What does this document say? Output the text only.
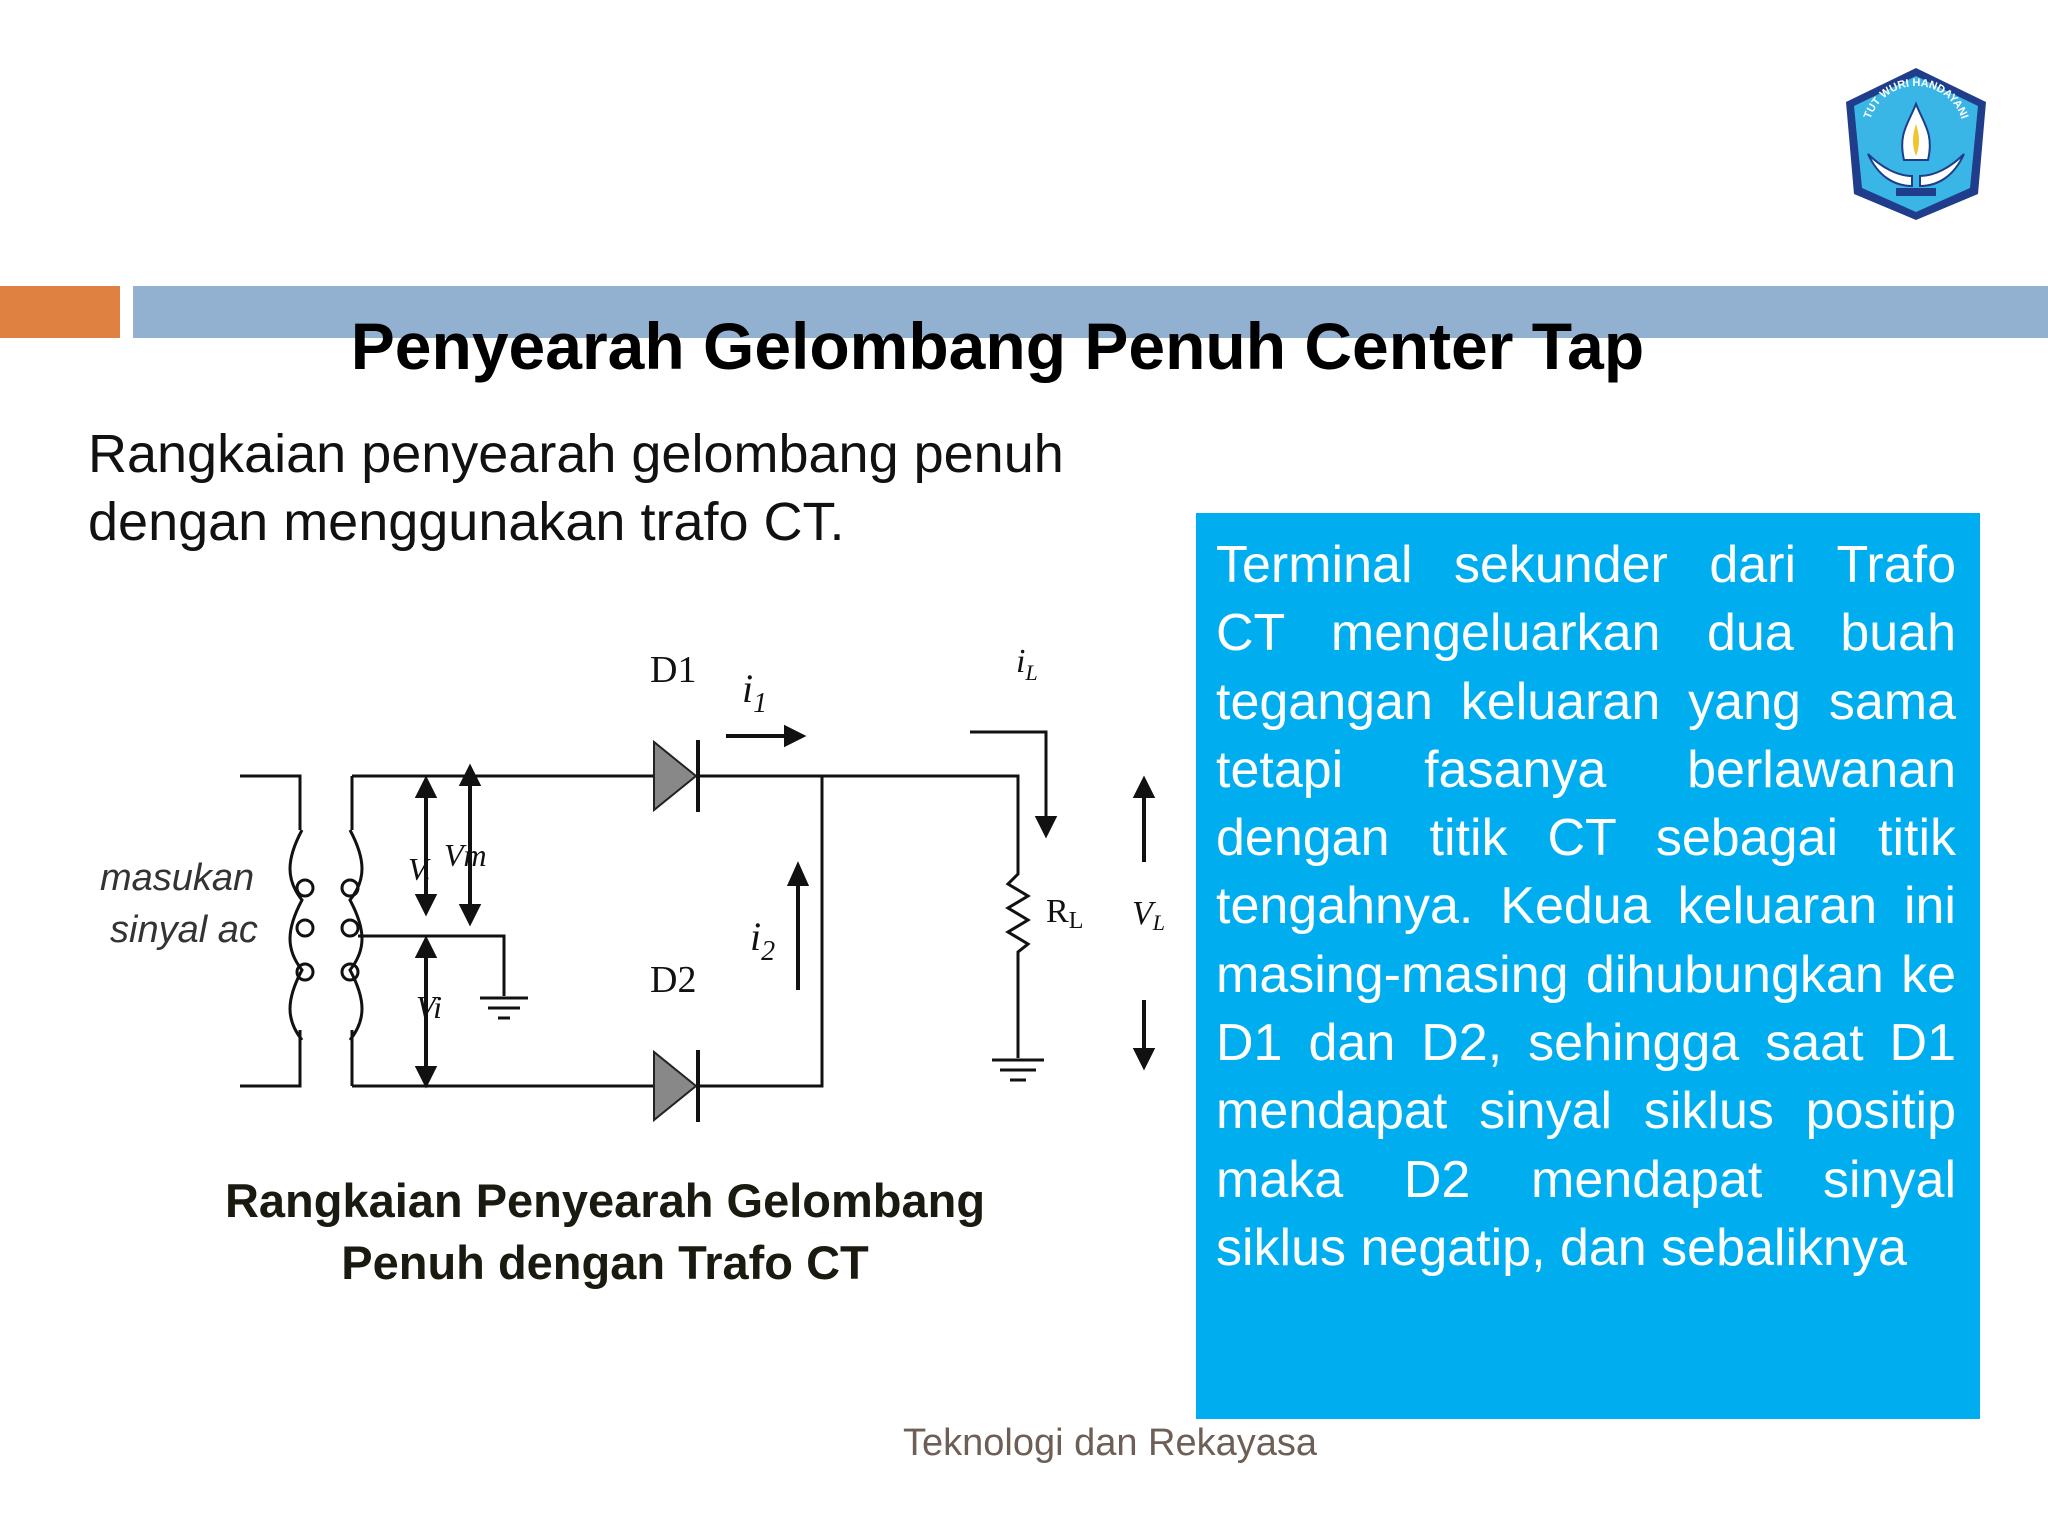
TUT WURI HANDAYANI
Penyearah Gelombang Penuh Center Tap

Rangkaian penyearah gelombang penuh
dengan menggunakan trafo CT.

masukan
sinyal ac
D1
D2
$i_1$
$i_2$
$i_L$
Vm
V.
Vi
RL VL

Rangkaian Penyearah Gelombang
Penuh dengan Trafo CT

Terminal sekunder dari Trafo CT mengeluarkan dua buah tegangan keluaran yang sama tetapi fasanya berlawanan dengan titik CT sebagai titik tengahnya. Kedua keluaran ini masing-masing dihubungkan ke D1 dan D2, sehingga saat D1 mendapat sinyal siklus positip maka D2 mendapat sinyal siklus negatip, dan sebaliknya

Teknologi dan Rekayasa
